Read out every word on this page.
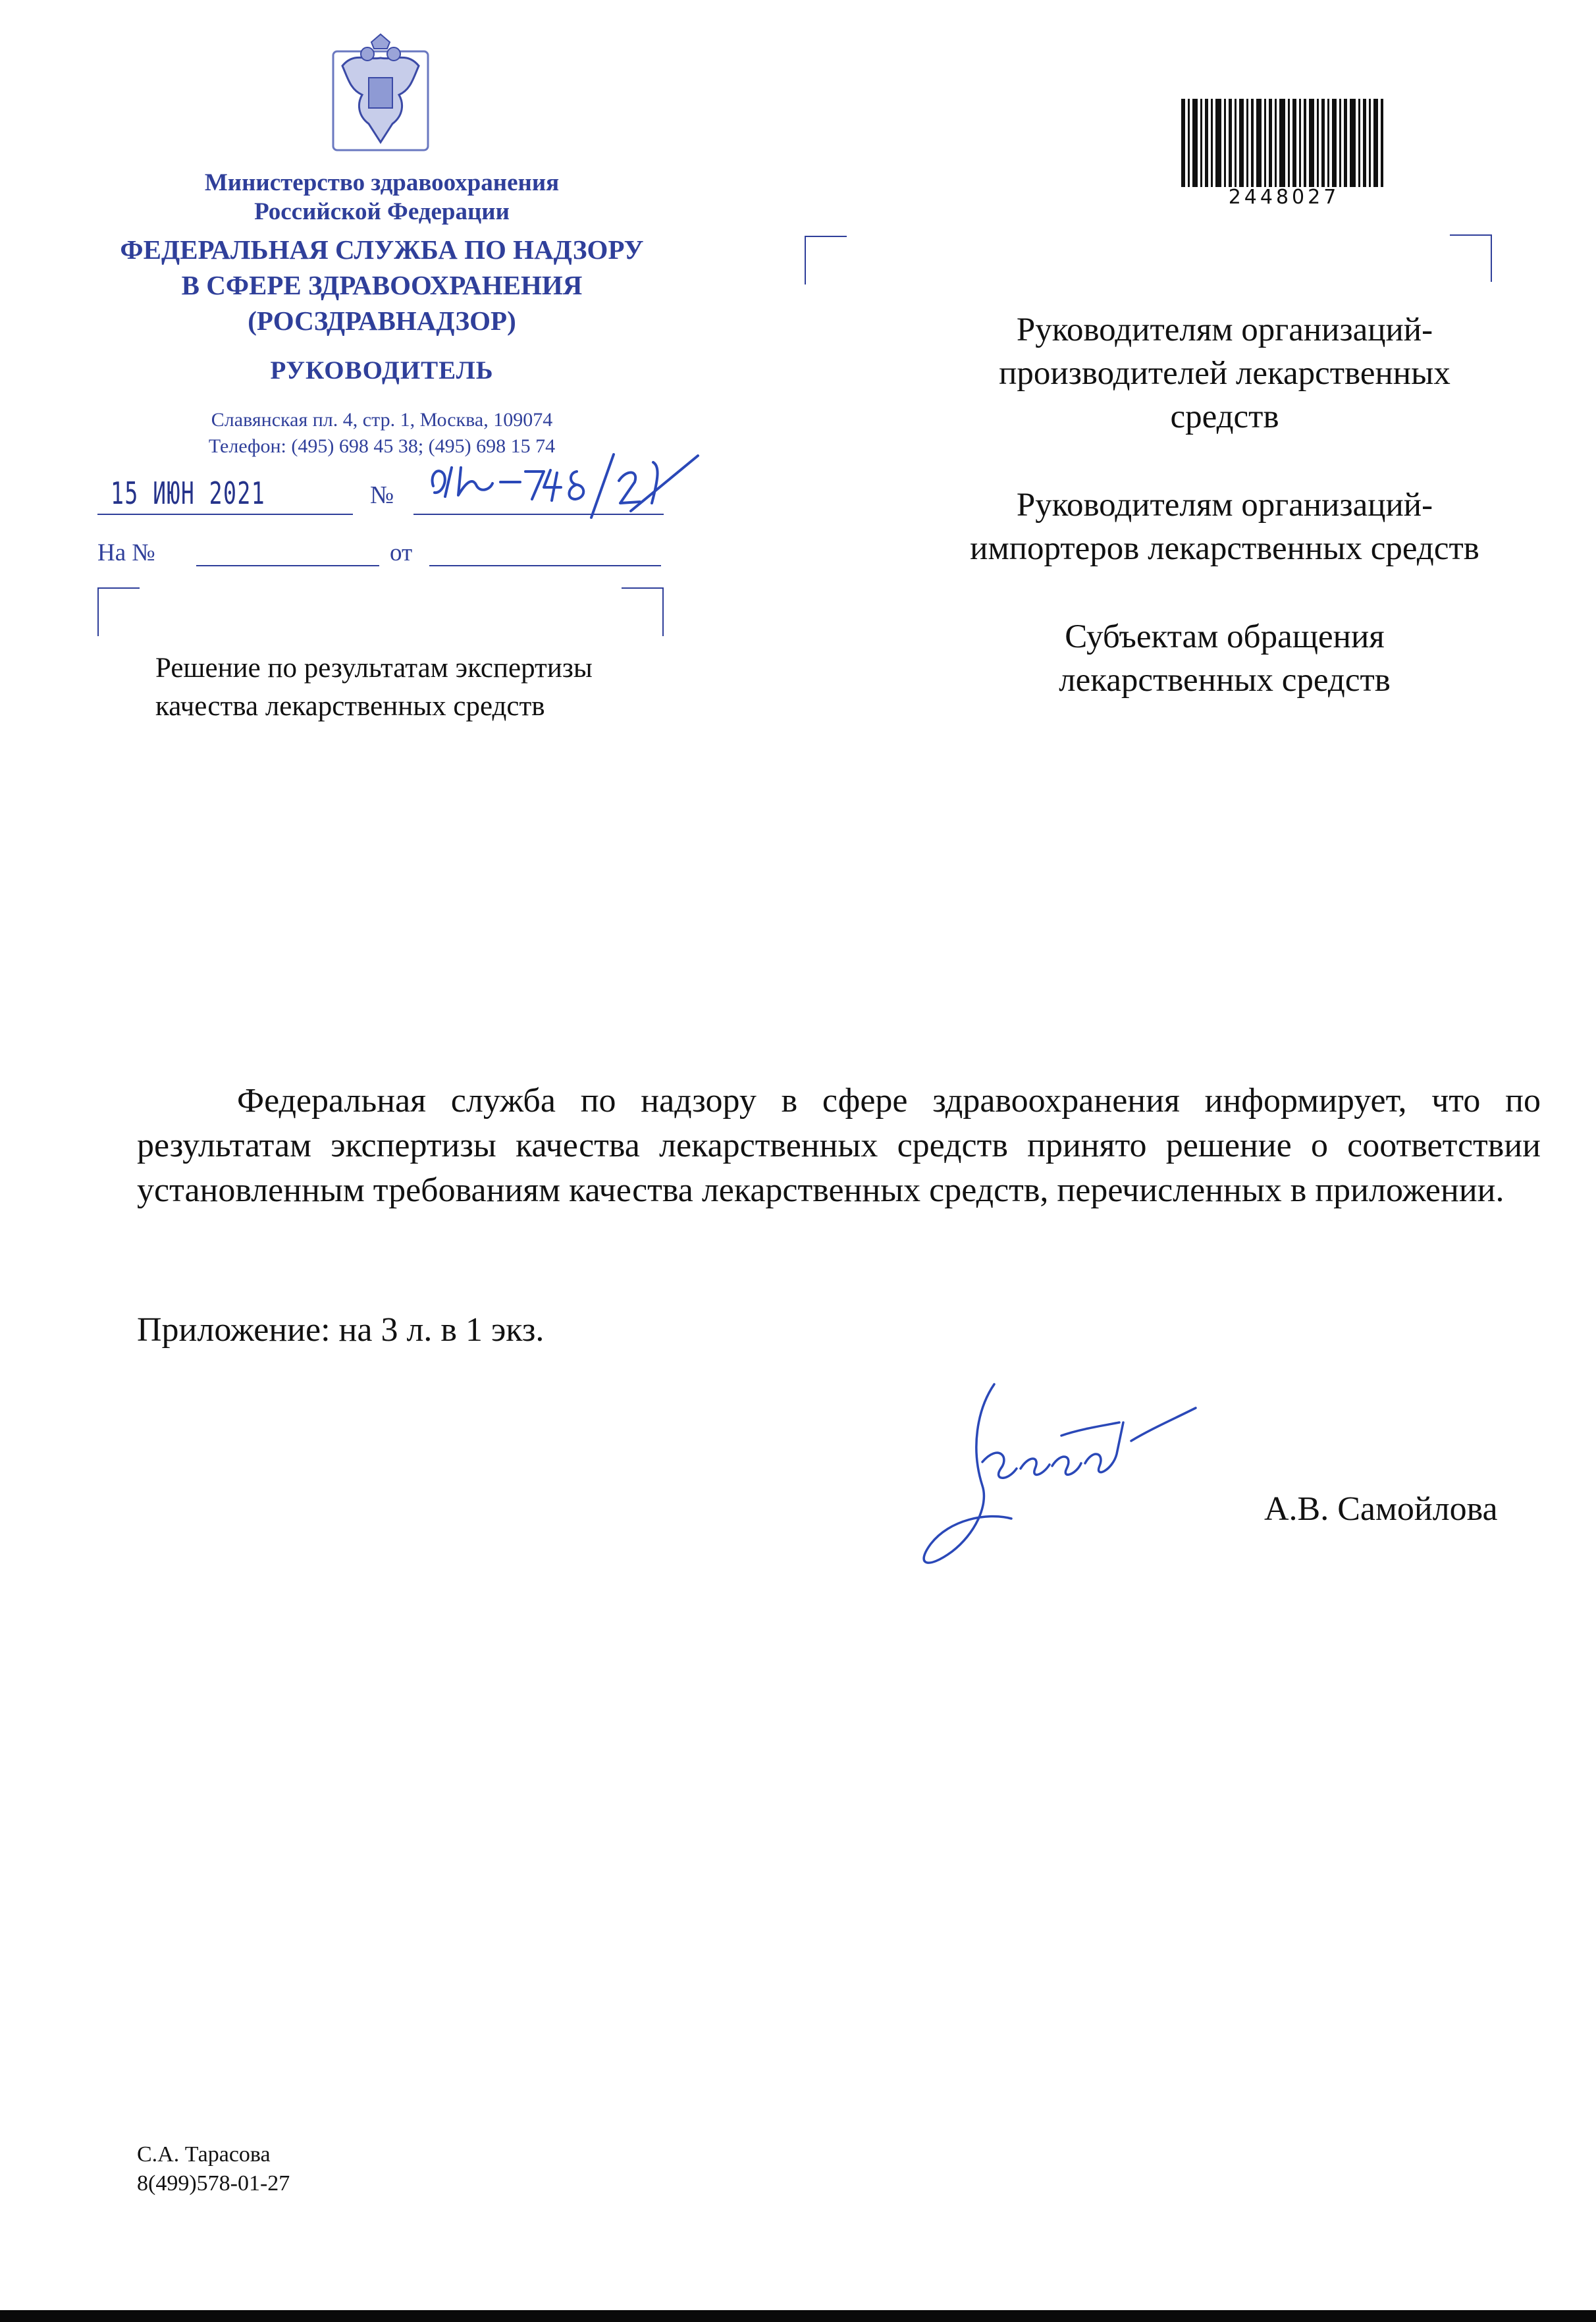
Министерство здравоохранения
Российской Федерации
ФЕДЕРАЛЬНАЯ СЛУЖБА ПО НАДЗОРУ
В СФЕРЕ ЗДРАВООХРАНЕНИЯ
(РОСЗДРАВНАДЗОР)
РУКОВОДИТЕЛЬ
Славянская пл. 4, стр. 1, Москва, 109074
Телефон: (495) 698 45 38; (495) 698 15 74
15 ИЮН 2021	№
На №	от
Решение по результатам экспертизы
качества лекарственных средств
2448027
Руководителям организаций-
производителей лекарственных
средств
Руководителям организаций-
импортеров лекарственных средств
Субъектам обращения
лекарственных средств

Федеральная служба по надзору в сфере здравоохранения информирует, что по результатам экспертизы качества лекарственных средств принято решение о соответствии установленным требованиям качества лекарственных средств, перечисленных в приложении.

Приложение: на 3 л. в 1 экз.
А.В. Самойлова
С.А. Тарасова
8(499)578-01-27
